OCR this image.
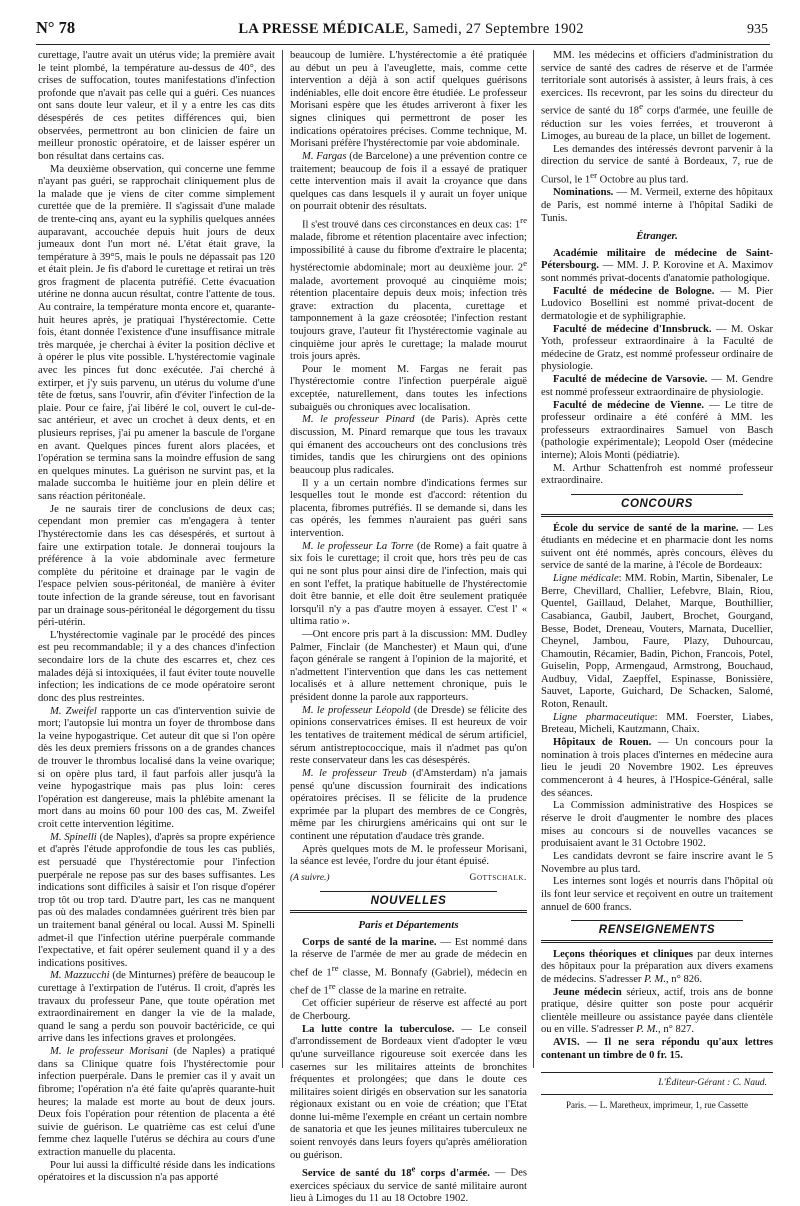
N° 78	LA PRESSE MÉDICALE, Samedi, 27 Septembre 1902	935

curettage, l'autre avait un utérus vide; la première avait le teint plombé, la température au-dessus de 40°, des crises de suffocation, toutes manifestations d'infection profonde que n'avait pas celle qui a guéri. Ces nuances ont sans doute leur valeur, et il y a entre les cas dits désespérés de ces petites différences qui, bien observées, permettront au bon clinicien de faire un meilleur pronostic opératoire, et de laisser espérer un bon résultat dans certains cas.

Ma deuxième observation, qui concerne une femme n'ayant pas guéri, se rapprochait cliniquement plus de la malade que je viens de citer comme simplement curettée que de la première. Il s'agissait d'une malade de trente-cinq ans, ayant eu la syphilis quelques années auparavant, accouchée depuis huit jours de deux jumeaux dont l'un mort né. L'état était grave, la température à 39°5, mais le pouls ne dépassait pas 120 et était plein. Je fis d'abord le curettage et retirai un très gros fragment de placenta putréfié. Cette évacuation utérine ne donna aucun résultat, contre l'attente de tous. Au contraire, la température monta encore et, quarante-huit heures après, je pratiquai l'hystérectomie. Cette fois, étant donnée l'existence d'une insuffisance mitrale très marquée, je cherchai à éviter la position déclive et à opérer le plus vite possible. L'hystérectomie vaginale avec les pinces fut donc exécutée. J'ai cherché à extirper, et j'y suis parvenu, un utérus du volume d'une tête de fœtus, sans l'ouvrir, afin d'éviter l'infection de la plaie. Pour ce faire, j'ai libéré le col, ouvert le cul-de-sac antérieur, et avec un crochet à deux dents, et en plusieurs reprises, j'ai pu amener la bascule de l'organe en avant. Quelques pinces furent alors placées, et l'opération se termina sans la moindre effusion de sang en quelques minutes. La guérison ne survint pas, et la malade succomba le huitième jour en plein délire et sans réaction péritonéale.

Je ne saurais tirer de conclusions de deux cas; cependant mon premier cas m'engagera à tenter l'hystérectomie dans les cas désespérés, et surtout à faire une extirpation totale. Je donnerai toujours la préférence à la voie abdominale avec fermeture complète du péritoine et drainage par le vagin de l'espace pelvien sous-péritonéal, de manière à éviter toute infection de la grande séreuse, tout en favorisant par un drainage sous-péritonéal le dégorgement du tissu péri-utérin.

L'hystérectomie vaginale par le procédé des pinces est peu recommandable; il y a des chances d'infection secondaire lors de la chute des escarres et, chez ces malades déjà si intoxiquées, il faut éviter toute nouvelle infection; les indications de ce mode opératoire seront donc des plus restreintes.

M. Zweifel rapporte un cas d'intervention suivie de mort; l'autopsie lui montra un foyer de thrombose dans la veine hypogastrique. Cet auteur dit que si l'on opère dès les deux premiers frissons on a de grandes chances de trouver le thrombus localisé dans la veine ovarique; si on opère plus tard, il faut parfois aller jusqu'à la veine hypogastrique mais pas plus loin: ceres l'opération est dangereuse, mais la phlébite amenant la mort dans au moins 60 pour 100 des cas, M. Zweifel croit cette intervention légitime.

M. Spinelli (de Naples), d'après sa propre expérience et d'après l'étude approfondie de tous les cas publiés, est persuadé que l'hystérectomie pour l'infection puerpérale ne repose pas sur des bases suffisantes. Les indications sont difficiles à saisir et l'on risque d'opérer trop tôt ou trop tard. D'autre part, les cas ne manquent pas où des malades condamnées guérirent très bien par un traitement banal général ou local. Aussi M. Spinelli admet-il que l'infection utérine puerpérale commande l'expectative, et fait opérer seulement quand il y a des indications positives.

M. Mazzucchi (de Minturnes) préfère de beaucoup le curettage à l'extirpation de l'utérus. Il croit, d'après les travaux du professeur Pane, que toute opération met extraordinairement en danger la vie de la malade, quand le sang a perdu son pouvoir bactéricide, ce qui arrive dans les infections graves et prolongées.

M. le professeur Morisani (de Naples) a pratiqué dans sa Clinique quatre fois l'hystérectomie pour infection puerpérale. Dans le premier cas il y avait un fibrome; l'opération n'a été faite qu'après quarante-huit heures; la malade est morte au bout de deux jours. Deux fois l'opération pour rétention de placenta a été suivie de guérison. Le quatrième cas est celui d'une femme chez laquelle l'utérus se déchira au cours d'une extraction manuelle du placenta.

Pour lui aussi la difficulté réside dans les indications opératoires et la discussion n'a pas apporté

beaucoup de lumière. L'hystérectomie a été pratiquée au début un peu à l'aveuglette, mais, comme cette intervention a déjà à son actif quelques guérisons indéniables, elle doit encore être étudiée. Le professeur Morisani espère que les études arriveront à fixer les signes cliniques qui permettront de poser les indications opératoires précises. Comme technique, M. Morisani préfère l'hystérectomie par voie abdominale.

M. Fargas (de Barcelone) a une prévention contre ce traitement; beaucoup de fois il a essayé de pratiquer cette intervention mais il avait la croyance que dans quelques cas dans lesquels il y aurait un foyer unique on pourrait obtenir des résultats.

Il s'est trouvé dans ces circonstances en deux cas: 1re malade, fibrome et rétention placentaire avec infection; impossibilité à cause du fibrome d'extraire le placenta; hystérectomie abdominale; mort au deuxième jour. 2e malade, avortement provoqué au cinquième mois; rétention placentaire depuis deux mois; infection très grave: extraction du placenta, curettage et tamponnement à la gaze créosotée; l'infection restant toujours grave, l'auteur fit l'hystérectomie vaginale au cinquième jour après le curettage; la malade mourut trois jours après.

Pour le moment M. Fargas ne ferait pas l'hystérectomie contre l'infection puerpérale aiguë exceptée, naturellement, dans toutes les infections subaiguës ou chroniques avec localisation.

M. le professeur Pinard (de Paris). Après cette discussion, M. Pinard remarque que tous les travaux qui émanent des accoucheurs ont des conclusions très timides, tandis que les chirurgiens ont des opinions beaucoup plus radicales.

Il y a un certain nombre d'indications fermes sur lesquelles tout le monde est d'accord: rétention du placenta, fibromes putréfiés. Il se demande si, dans les cas opérés, les femmes n'auraient pas guéri sans intervention.

M. le professeur La Torre (de Rome) a fait quatre à six fois le curettage; il croit que, hors très peu de cas qui ne sont plus pour ainsi dire de l'infection, mais qui en sont l'effet, la pratique habituelle de l'hystérectomie doit être bannie, et elle doit être seulement pratiquée lorsqu'il n'y a pas d'autre moyen à essayer. C'est l' « ultima ratio ».

—Ont encore pris part à la discussion: MM. Dudley Palmer, Finclair (de Manchester) et Maun qui, d'une façon générale se rangent à l'opinion de la majorité, et n'admettent l'intervention que dans les cas nettement localisés et à allure nettement chronique, puis le président donne la parole aux rapporteurs.

M. le professeur Léopold (de Dresde) se félicite des opinions conservatrices émises. Il est heureux de voir les tentatives de traitement médical de sérum artificiel, sérum antistreptococcique, mais il n'admet pas qu'on reste conservateur dans les cas désespérés.

M. le professeur Treub (d'Amsterdam) n'a jamais pensé qu'une discussion fournirait des indications opératoires précises. Il se félicite de la prudence exprimée par la plupart des membres de ce Congrès, même par les chirurgiens américains qui ont sur le continent une réputation d'audace très grande.

Après quelques mots de M. le professeur Morisani, la séance est levée, l'ordre du jour étant épuisé.

(A suivre.)	Gottschalk.
NOUVELLES
Paris et Départements

Corps de santé de la marine. — Est nommé dans la réserve de l'armée de mer au grade de médecin en chef de 1re classe, M. Bonnafy (Gabriel), médecin en chef de 1re classe de la marine en retraite.

Cet officier supérieur de réserve est affecté au port de Cherbourg.

La lutte contre la tuberculose. — Le conseil d'arrondissement de Bordeaux vient d'adopter le vœu qu'une surveillance rigoureuse soit exercée dans les casernes sur les militaires atteints de bronchites fréquentes et prolongées; que dans le doute ces militaires soient dirigés en observation sur les sanatoria régionaux existant ou en voie de création; que l'Etat donne lui-même l'exemple en créant un certain nombre de sanatoria et que les jeunes militaires tuberculeux ne soient renvoyés dans leurs foyers qu'après amélioration ou guérison.

Service de santé du 18e corps d'armée. — Des exercices spéciaux du service de santé militaire auront lieu à Limoges du 11 au 18 Octobre 1902.

MM. les médecins et officiers d'administration du service de santé des cadres de réserve et de l'armée territoriale sont autorisés à assister, à leurs frais, à ces exercices. Ils recevront, par les soins du directeur du service de santé du 18e corps d'armée, une feuille de réduction sur les voies ferrées, et trouveront à Limoges, au bureau de la place, un billet de logement.

Les demandes des intéressés devront parvenir à la direction du service de santé à Bordeaux, 7, rue de Cursol, le 1er Octobre au plus tard.

Nominations. — M. Vermeil, externe des hôpitaux de Paris, est nommé interne à l'hôpital Sadiki de Tunis.

Étranger.

Académie militaire de médecine de Saint-Pétersbourg. — MM. J. P. Korovine et A. Maximov sont nommés privat-docents d'anatomie pathologique.

Faculté de médecine de Bologne. — M. Pier Ludovico Bosellini est nommé privat-docent de dermatologie et de syphiligraphie.

Faculté de médecine d'Innsbruck. — M. Oskar Yoth, professeur extraordinaire à la Faculté de médecine de Gratz, est nommé professeur ordinaire de physiologie.

Faculté de médecine de Varsovie. — M. Gendre est nommé professeur extraordinaire de physiologie.

Faculté de médecine de Vienne. — Le titre de professeur ordinaire a été conféré à MM. les professeurs extraordinaires Samuel von Basch (pathologie expérimentale); Leopold Oser (médecine interne); Alois Monti (pédiatrie).

M. Arthur Schattenfroh est nommé professeur extraordinaire.

CONCOURS

École du service de santé de la marine. — Les étudiants en médecine et en pharmacie dont les noms suivent ont été nommés, après concours, élèves du service de santé de la marine, à l'école de Bordeaux:

Ligne médicale: MM. Robin, Martin, Sibenaler, Le Berre, Chevillard, Challier, Lefebvre, Blain, Riou, Quentel, Gaillaud, Delahet, Marque, Bouthillier, Casabianca, Gaubil, Jaubert, Brochet, Gourgand, Besse, Bodet, Dreneau, Vouters, Marnata, Ducellier, Cheynel, Jambou, Faure, Plazy, Duhourcau, Chamoutin, Récamier, Badin, Pichon, Francois, Potel, Guiselin, Popp, Armengaud, Armstrong, Bouchaud, Audbuy, Vidal, Zaepffel, Espinasse, Bonissière, Sauvet, Laporte, Guichard, De Schacken, Salomé, Roton, Renault.

Ligne pharmaceutique: MM. Foerster, Liabes, Breteau, Micheli, Kautzmann, Chaix.

Hôpitaux de Rouen. — Un concours pour la nomination à trois places d'internes en médecine aura lieu le jeudi 20 Novembre 1902. Les épreuves commenceront à 4 heures, à l'Hospice-Général, salle des séances.

La Commission administrative des Hospices se réserve le droit d'augmenter le nombre des places mises au concours si de nouvelles vacances se produisaient avant le 31 Octobre 1902.

Les candidats devront se faire inscrire avant le 5 Novembre au plus tard.

Les internes sont logés et nourris dans l'hôpital où ils font leur service et reçoivent en outre un traitement annuel de 600 francs.

RENSEIGNEMENTS

Leçons théoriques et cliniques par deux internes des hôpitaux pour la préparation aux divers examens de médecins. S'adresser P. M., n° 826.

Jeune médecin sérieux, actif, trois ans de bonne pratique, désire quitter son poste pour acquérir clientèle meilleure ou assistance payée dans clientèle ou en ville. S'adresser P. M., n° 827.

AVIS. — Il ne sera répondu qu'aux lettres contenant un timbre de 0 fr. 15.

L'Éditeur-Gérant : C. Naud.
Paris. — L. Maretheux, imprimeur, 1, rue Cassette
